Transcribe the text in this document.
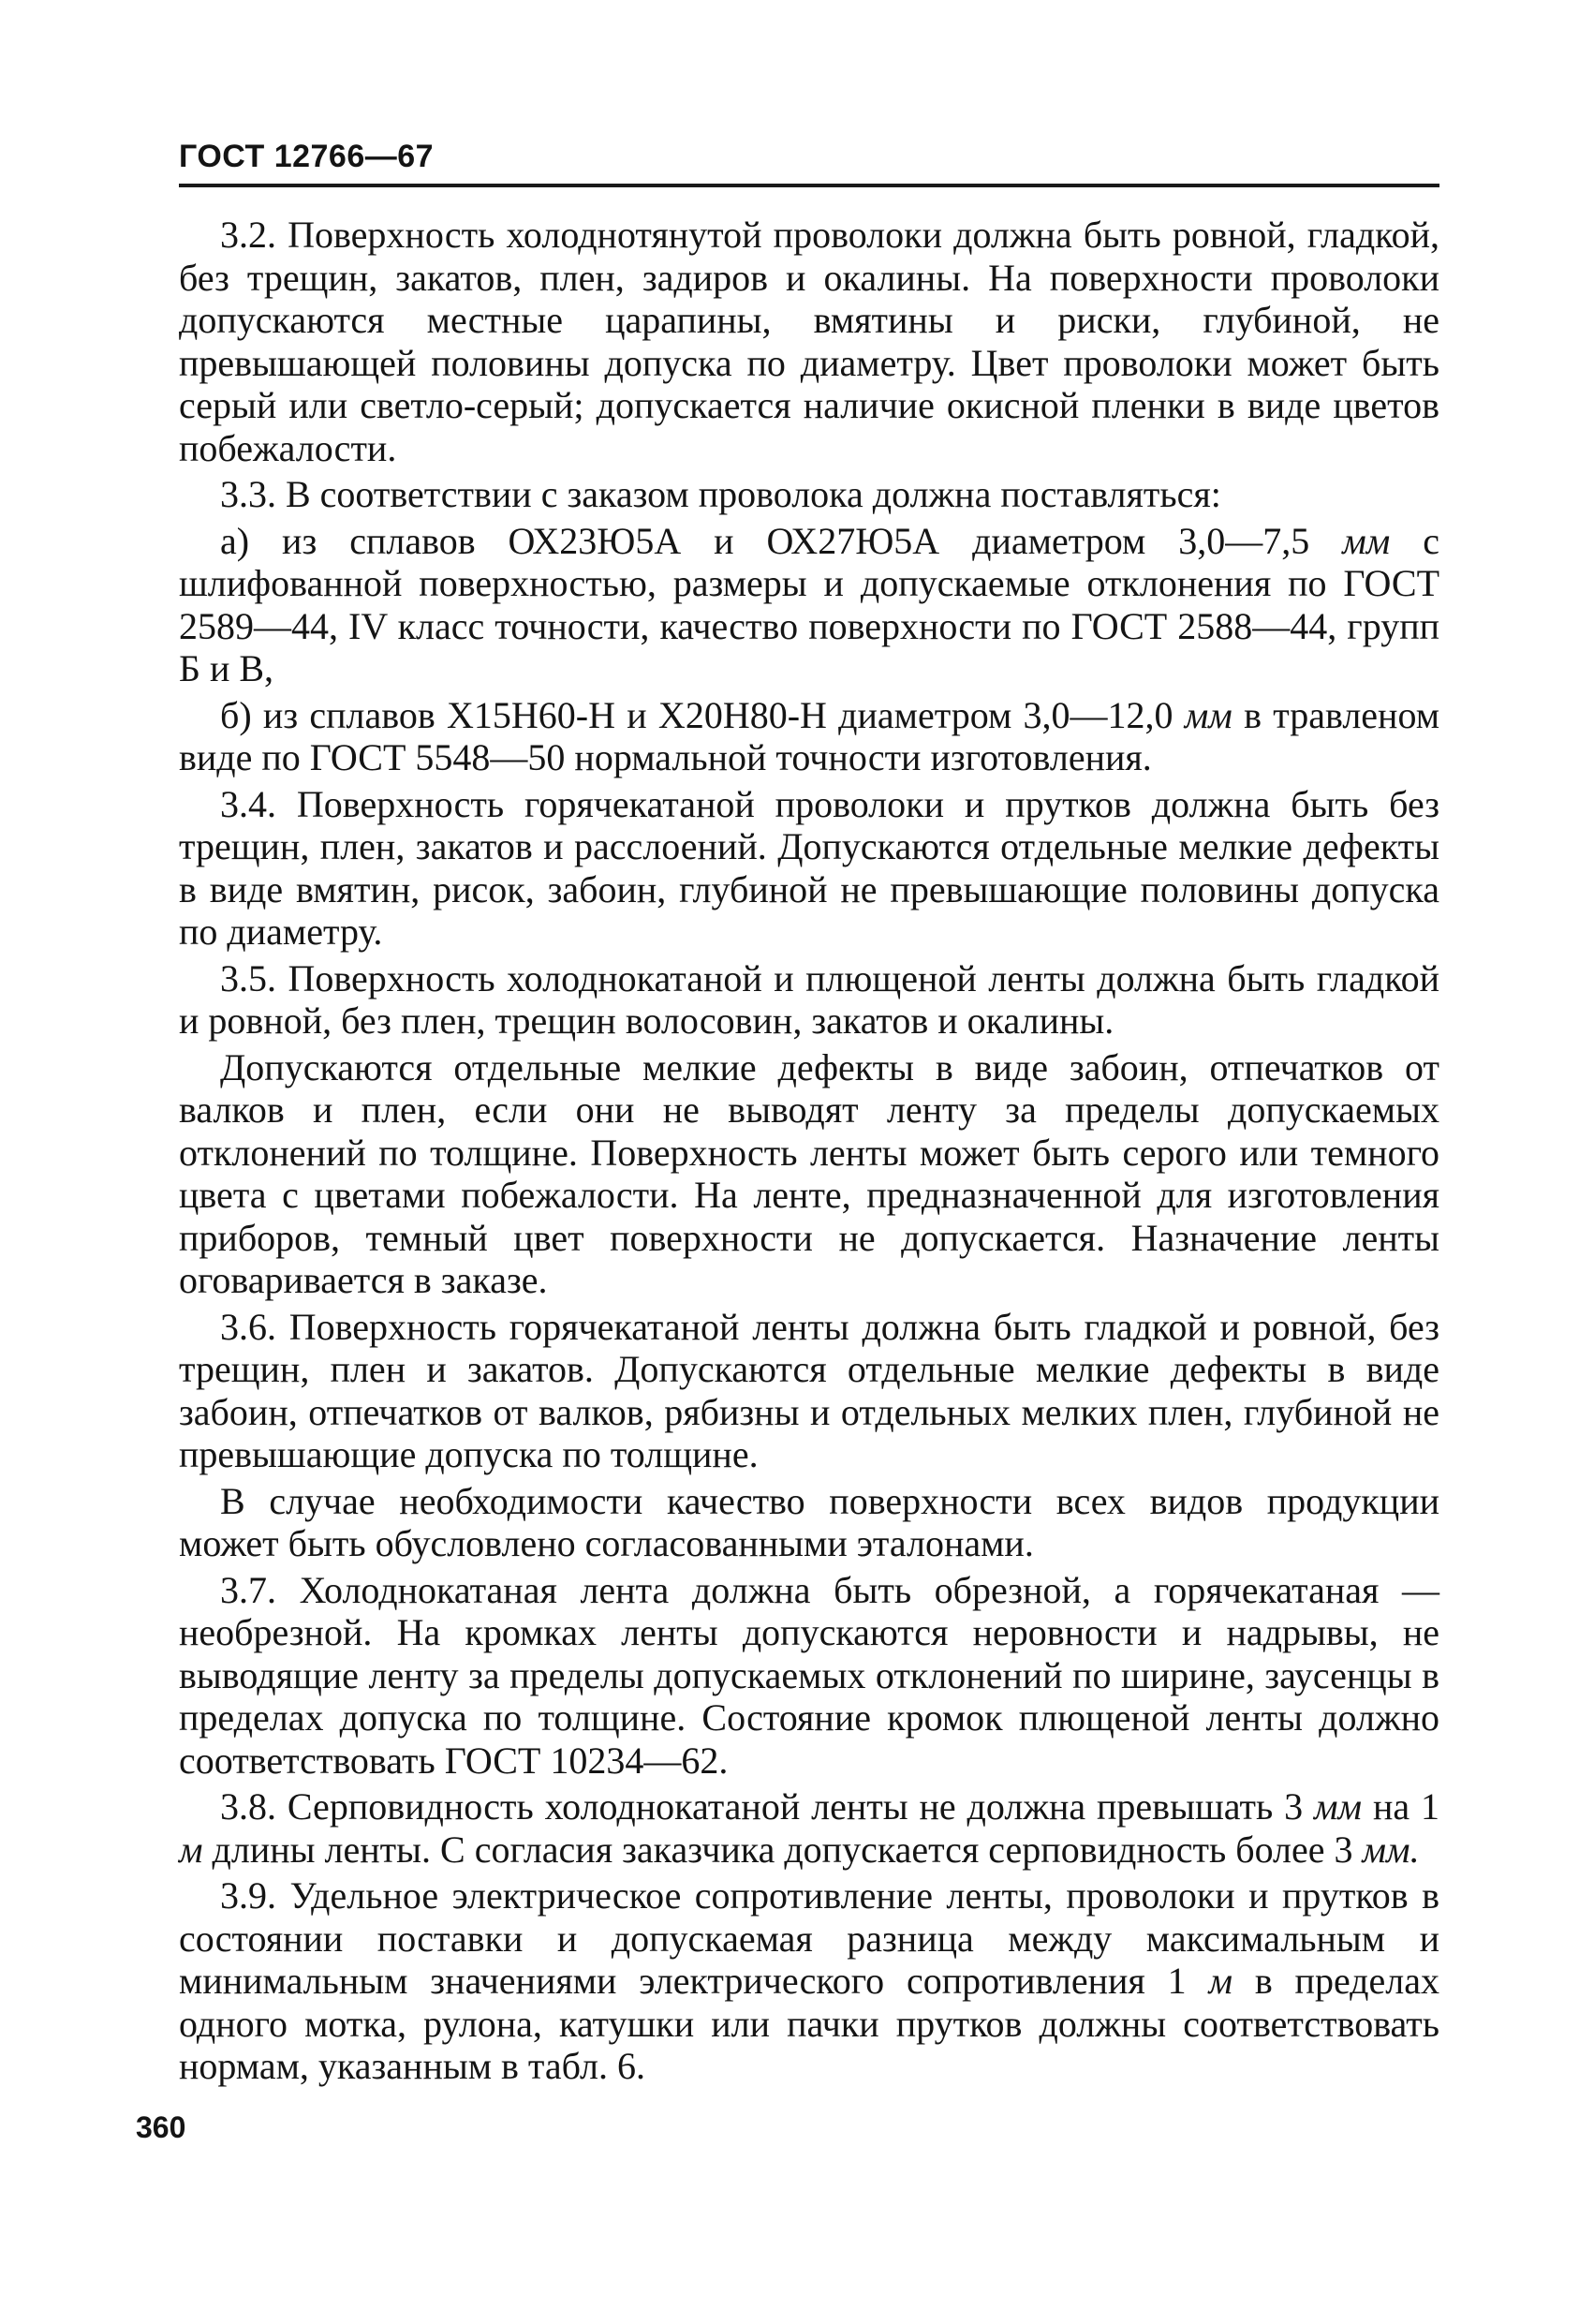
ГОСТ 12766—67

3.2. Поверхность холоднотянутой проволоки должна быть ровной, гладкой, без трещин, закатов, плен, задиров и окалины. На поверхности проволоки допускаются местные царапины, вмятины и риски, глубиной, не превышающей половины допуска по диаметру. Цвет проволоки может быть серый или светло-серый; допускается наличие окисной пленки в виде цветов побежалости.

3.3. В соответствии с заказом проволока должна поставляться:

а) из сплавов ОХ23Ю5А и ОХ27Ю5А диаметром 3,0—7,5 мм с шлифованной поверхностью, размеры и допускаемые отклонения по ГОСТ 2589—44, IV класс точности, качество поверхности по ГОСТ 2588—44, групп Б и В,

б) из сплавов Х15Н60-Н и Х20Н80-Н диаметром 3,0—12,0 мм в травленом виде по ГОСТ 5548—50 нормальной точности изготовления.

3.4. Поверхность горячекатаной проволоки и прутков должна быть без трещин, плен, закатов и расслоений. Допускаются отдельные мелкие дефекты в виде вмятин, рисок, забоин, глубиной не превышающие половины допуска по диаметру.

3.5. Поверхность холоднокатаной и плющеной ленты должна быть гладкой и ровной, без плен, трещин волосовин, закатов и окалины.

Допускаются отдельные мелкие дефекты в виде забоин, отпечатков от валков и плен, если они не выводят ленту за пределы допускаемых отклонений по толщине. Поверхность ленты может быть серого или темного цвета с цветами побежалости. На ленте, предназначенной для изготовления приборов, темный цвет поверхности не допускается. Назначение ленты оговаривается в заказе.

3.6. Поверхность горячекатаной ленты должна быть гладкой и ровной, без трещин, плен и закатов. Допускаются отдельные мелкие дефекты в виде забоин, отпечатков от валков, рябизны и отдельных мелких плен, глубиной не превышающие допуска по толщине.

В случае необходимости качество поверхности всех видов продукции может быть обусловлено согласованными эталонами.

3.7. Холоднокатаная лента должна быть обрезной, а горячекатаная — необрезной. На кромках ленты допускаются неровности и надрывы, не выводящие ленту за пределы допускаемых отклонений по ширине, заусенцы в пределах допуска по толщине. Состояние кромок плющеной ленты должно соответствовать ГОСТ 10234—62.

3.8. Серповидность холоднокатаной ленты не должна превышать 3 мм на 1 м длины ленты. С согласия заказчика допускается серповидность более 3 мм.

3.9. Удельное электрическое сопротивление ленты, проволоки и прутков в состоянии поставки и допускаемая разница между максимальным и минимальным значениями электрического сопротивления 1 м в пределах одного мотка, рулона, катушки или пачки прутков должны соответствовать нормам, указанным в табл. 6.

360
